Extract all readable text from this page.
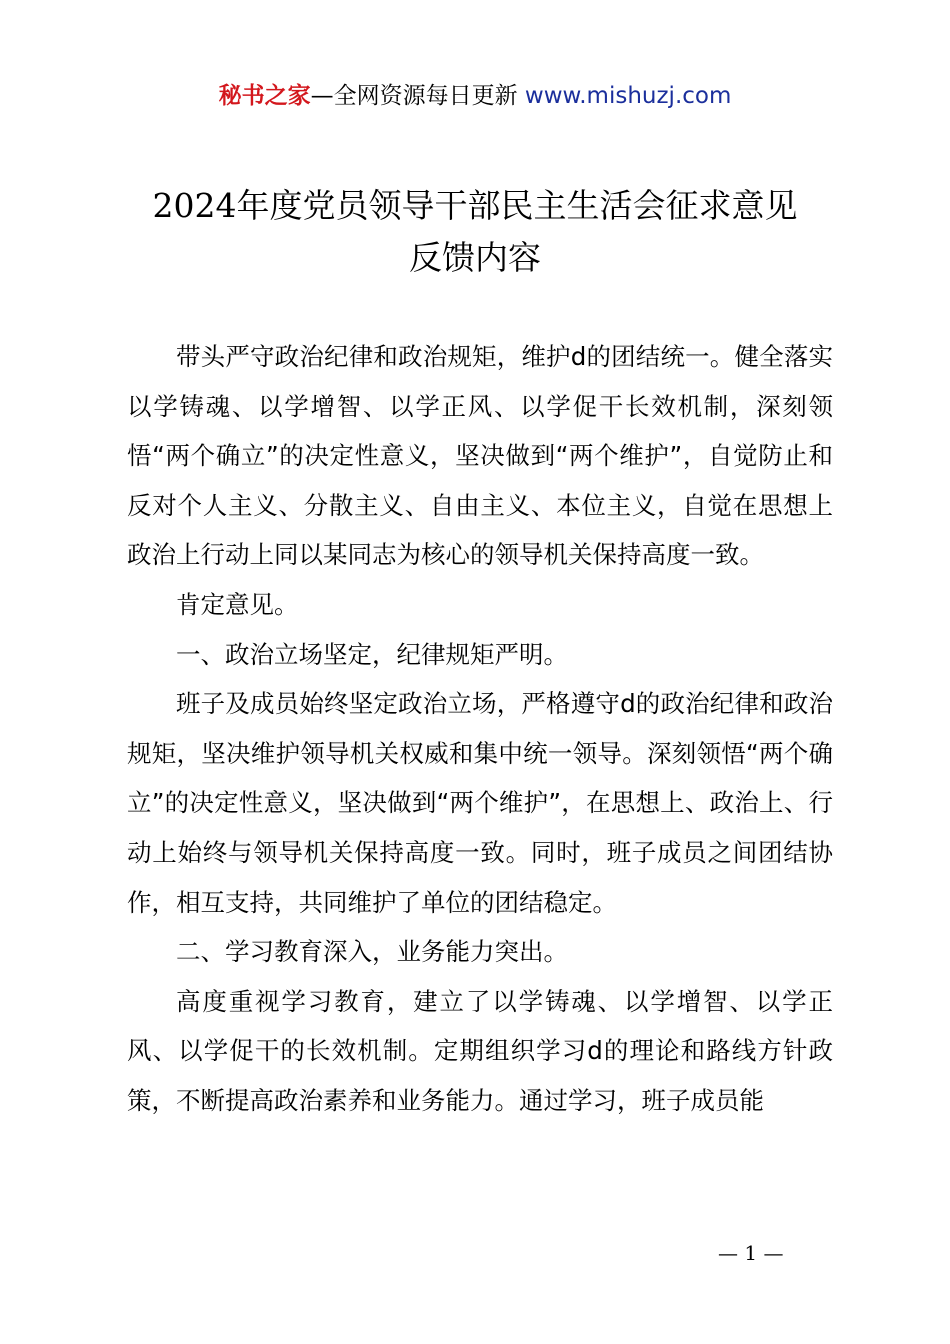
秘书之家—全网资源每日更新 www.mishuzj.com
2024年度党员领导干部民主生活会征求意见
反馈内容

带头严守政治纪律和政治规矩，维护d的团结统一。健全落实以学铸魂、以学增智、以学正风、以学促干长效机制，深刻领悟“两个确立”的决定性意义，坚决做到“两个维护”，自觉防止和反对个人主义、分散主义、自由主义、本位主义，自觉在思想上政治上行动上同以某同志为核心的领导机关保持高度一致。

肯定意见。

一、政治立场坚定，纪律规矩严明。

班子及成员始终坚定政治立场，严格遵守d的政治纪律和政治规矩，坚决维护领导机关权威和集中统一领导。深刻领悟“两个确立”的决定性意义，坚决做到“两个维护”，在思想上、政治上、行动上始终与领导机关保持高度一致。同时，班子成员之间团结协作，相互支持，共同维护了单位的团结稳定。

二、学习教育深入，业务能力突出。

高度重视学习教育，建立了以学铸魂、以学增智、以学正风、以学促干的长效机制。定期组织学习d的理论和路线方针政策，不断提高政治素养和业务能力。通过学习，班子成员能

— 1 —
